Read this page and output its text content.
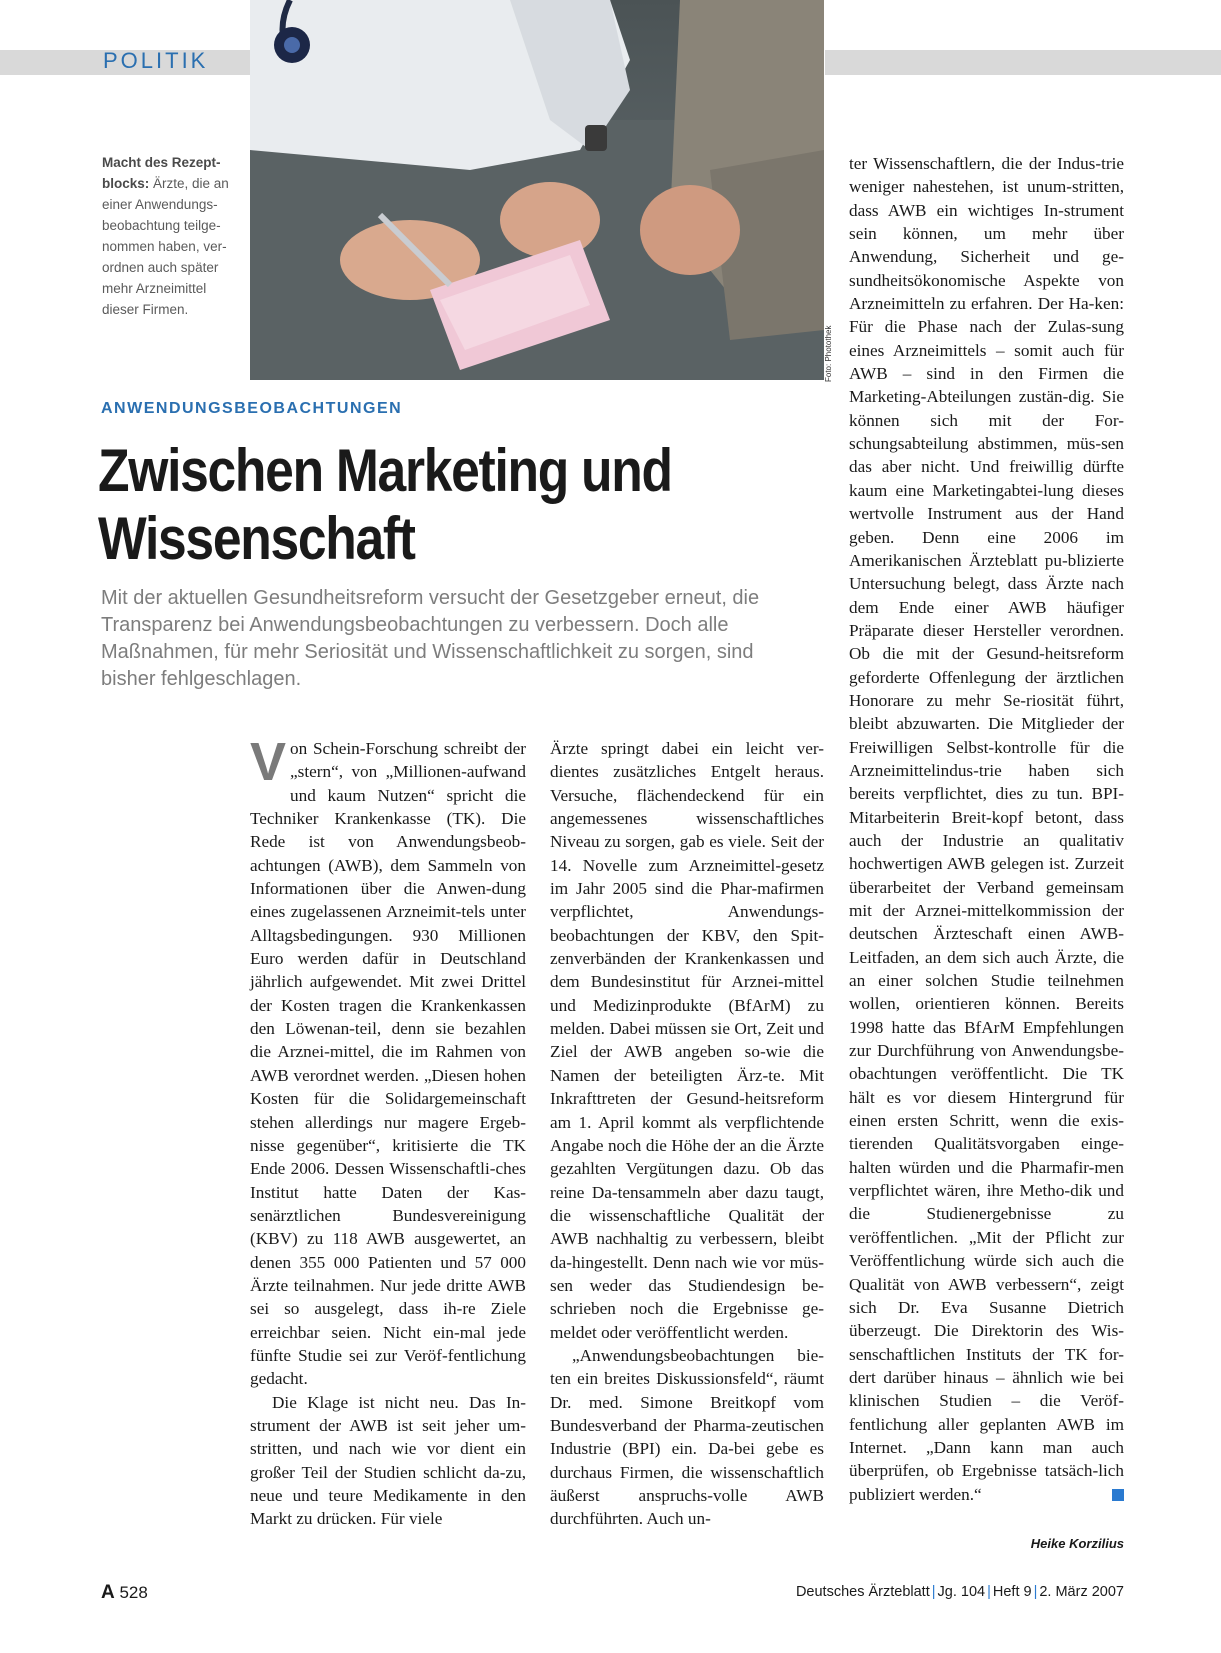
POLITIK
Foto: Photothek
Macht des Rezept-blocks: Ärzte, die an einer Anwendungs-beobachtung teilge-nommen haben, ver-ordnen auch später mehr Arzneimittel dieser Firmen.
ANWENDUNGSBEOBACHTUNGEN
Zwischen Marketing und Wissenschaft
Mit der aktuellen Gesundheitsreform versucht der Gesetzgeber erneut, die Transparenz bei Anwendungsbeobachtungen zu verbessern. Doch alle Maßnahmen, für mehr Seriosität und Wissenschaftlichkeit zu sorgen, sind bisher fehlgeschlagen.

Von Schein-Forschung schreibt der „stern“, von „Millionen-aufwand und kaum Nutzen“ spricht die Techniker Krankenkasse (TK). Die Rede ist von Anwendungsbeob-achtungen (AWB), dem Sammeln von Informationen über die Anwen-dung eines zugelassenen Arzneimit-tels unter Alltagsbedingungen. 930 Millionen Euro werden dafür in Deutschland jährlich aufgewendet. Mit zwei Drittel der Kosten tragen die Krankenkassen den Löwenan-teil, denn sie bezahlen die Arznei-mittel, die im Rahmen von AWB verordnet werden. „Diesen hohen Kosten für die Solidargemeinschaft stehen allerdings nur magere Ergeb-nisse gegenüber“, kritisierte die TK Ende 2006. Dessen Wissenschaftli-ches Institut hatte Daten der Kas-senärztlichen Bundesvereinigung (KBV) zu 118 AWB ausgewertet, an denen 355 000 Patienten und 57 000 Ärzte teilnahmen. Nur jede dritte AWB sei so ausgelegt, dass ih-re Ziele erreichbar seien. Nicht ein-mal jede fünfte Studie sei zur Veröf-fentlichung gedacht.

Die Klage ist nicht neu. Das In-strument der AWB ist seit jeher um-stritten, und nach wie vor dient ein großer Teil der Studien schlicht da-zu, neue und teure Medikamente in den Markt zu drücken. Für viele

Ärzte springt dabei ein leicht ver-dientes zusätzliches Entgelt heraus. Versuche, flächendeckend für ein angemessenes wissenschaftliches Niveau zu sorgen, gab es viele. Seit der 14. Novelle zum Arzneimittel-gesetz im Jahr 2005 sind die Phar-mafirmen verpflichtet, Anwendungs-beobachtungen der KBV, den Spit-zenverbänden der Krankenkassen und dem Bundesinstitut für Arznei-mittel und Medizinprodukte (BfArM) zu melden. Dabei müssen sie Ort, Zeit und Ziel der AWB angeben so-wie die Namen der beteiligten Ärz-te. Mit Inkrafttreten der Gesund-heitsreform am 1. April kommt als verpflichtende Angabe noch die Höhe der an die Ärzte gezahlten Vergütungen dazu. Ob das reine Da-tensammeln aber dazu taugt, die wissenschaftliche Qualität der AWB nachhaltig zu verbessern, bleibt da-hingestellt. Denn nach wie vor müs-sen weder das Studiendesign be-schrieben noch die Ergebnisse ge-meldet oder veröffentlicht werden.

„Anwendungsbeobachtungen bie-ten ein breites Diskussionsfeld“, räumt Dr. med. Simone Breitkopf vom Bundesverband der Pharma-zeutischen Industrie (BPI) ein. Da-bei gebe es durchaus Firmen, die wissenschaftlich äußerst anspruchs-volle AWB durchführten. Auch un-

ter Wissenschaftlern, die der Indus-trie weniger nahestehen, ist unum-stritten, dass AWB ein wichtiges In-strument sein können, um mehr über Anwendung, Sicherheit und ge-sundheitsökonomische Aspekte von Arzneimitteln zu erfahren. Der Ha-ken: Für die Phase nach der Zulas-sung eines Arzneimittels – somit auch für AWB – sind in den Firmen die Marketing-Abteilungen zustän-dig. Sie können sich mit der For-schungsabteilung abstimmen, müs-sen das aber nicht. Und freiwillig dürfte kaum eine Marketingabtei-lung dieses wertvolle Instrument aus der Hand geben. Denn eine 2006 im Amerikanischen Ärzteblatt pu-blizierte Untersuchung belegt, dass Ärzte nach dem Ende einer AWB häufiger Präparate dieser Hersteller verordnen. Ob die mit der Gesund-heitsreform geforderte Offenlegung der ärztlichen Honorare zu mehr Se-riosität führt, bleibt abzuwarten. Die Mitglieder der Freiwilligen Selbst-kontrolle für die Arzneimittelindus-trie haben sich bereits verpflichtet, dies zu tun. BPI-Mitarbeiterin Breit-kopf betont, dass auch der Industrie an qualitativ hochwertigen AWB gelegen ist. Zurzeit überarbeitet der Verband gemeinsam mit der Arznei-mittelkommission der deutschen Ärzteschaft einen AWB-Leitfaden, an dem sich auch Ärzte, die an einer solchen Studie teilnehmen wollen, orientieren können. Bereits 1998 hatte das BfArM Empfehlungen zur Durchführung von Anwendungsbe-obachtungen veröffentlicht. Die TK hält es vor diesem Hintergrund für einen ersten Schritt, wenn die exis-tierenden Qualitätsvorgaben einge-halten würden und die Pharmafir-men verpflichtet wären, ihre Metho-dik und die Studienergebnisse zu veröffentlichen. „Mit der Pflicht zur Veröffentlichung würde sich auch die Qualität von AWB verbessern“, zeigt sich Dr. Eva Susanne Dietrich überzeugt. Die Direktorin des Wis-senschaftlichen Instituts der TK for-dert darüber hinaus – ähnlich wie bei klinischen Studien – die Veröf-fentlichung aller geplanten AWB im Internet. „Dann kann man auch überprüfen, ob Ergebnisse tatsäch-lich publiziert werden.“

Heike Korzilius
A 528	Deutsches Ärzteblatt | Jg. 104 | Heft 9 | 2. März 2007
